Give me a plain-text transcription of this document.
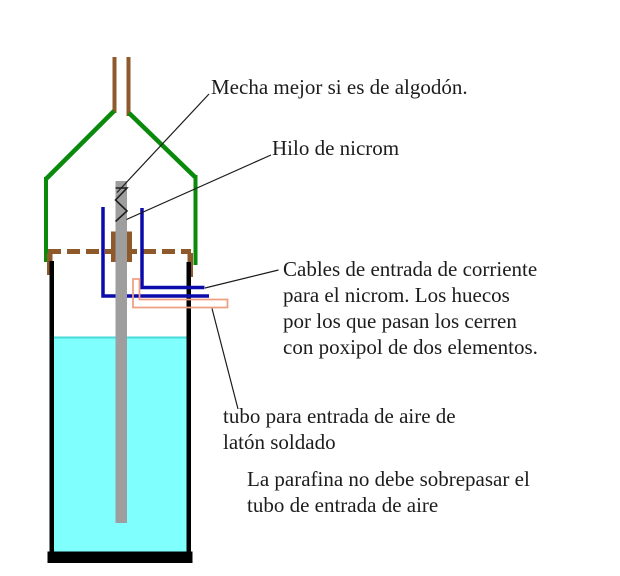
Mecha mejor si es de algodón.
Hilo de nicrom
Cables de entrada de corriente
para el nicrom. Los huecos
por los que pasan los cerren
con poxipol de dos elementos.
tubo para entrada de aire de
latón soldado
La parafina no debe sobrepasar el
tubo de entrada de aire
